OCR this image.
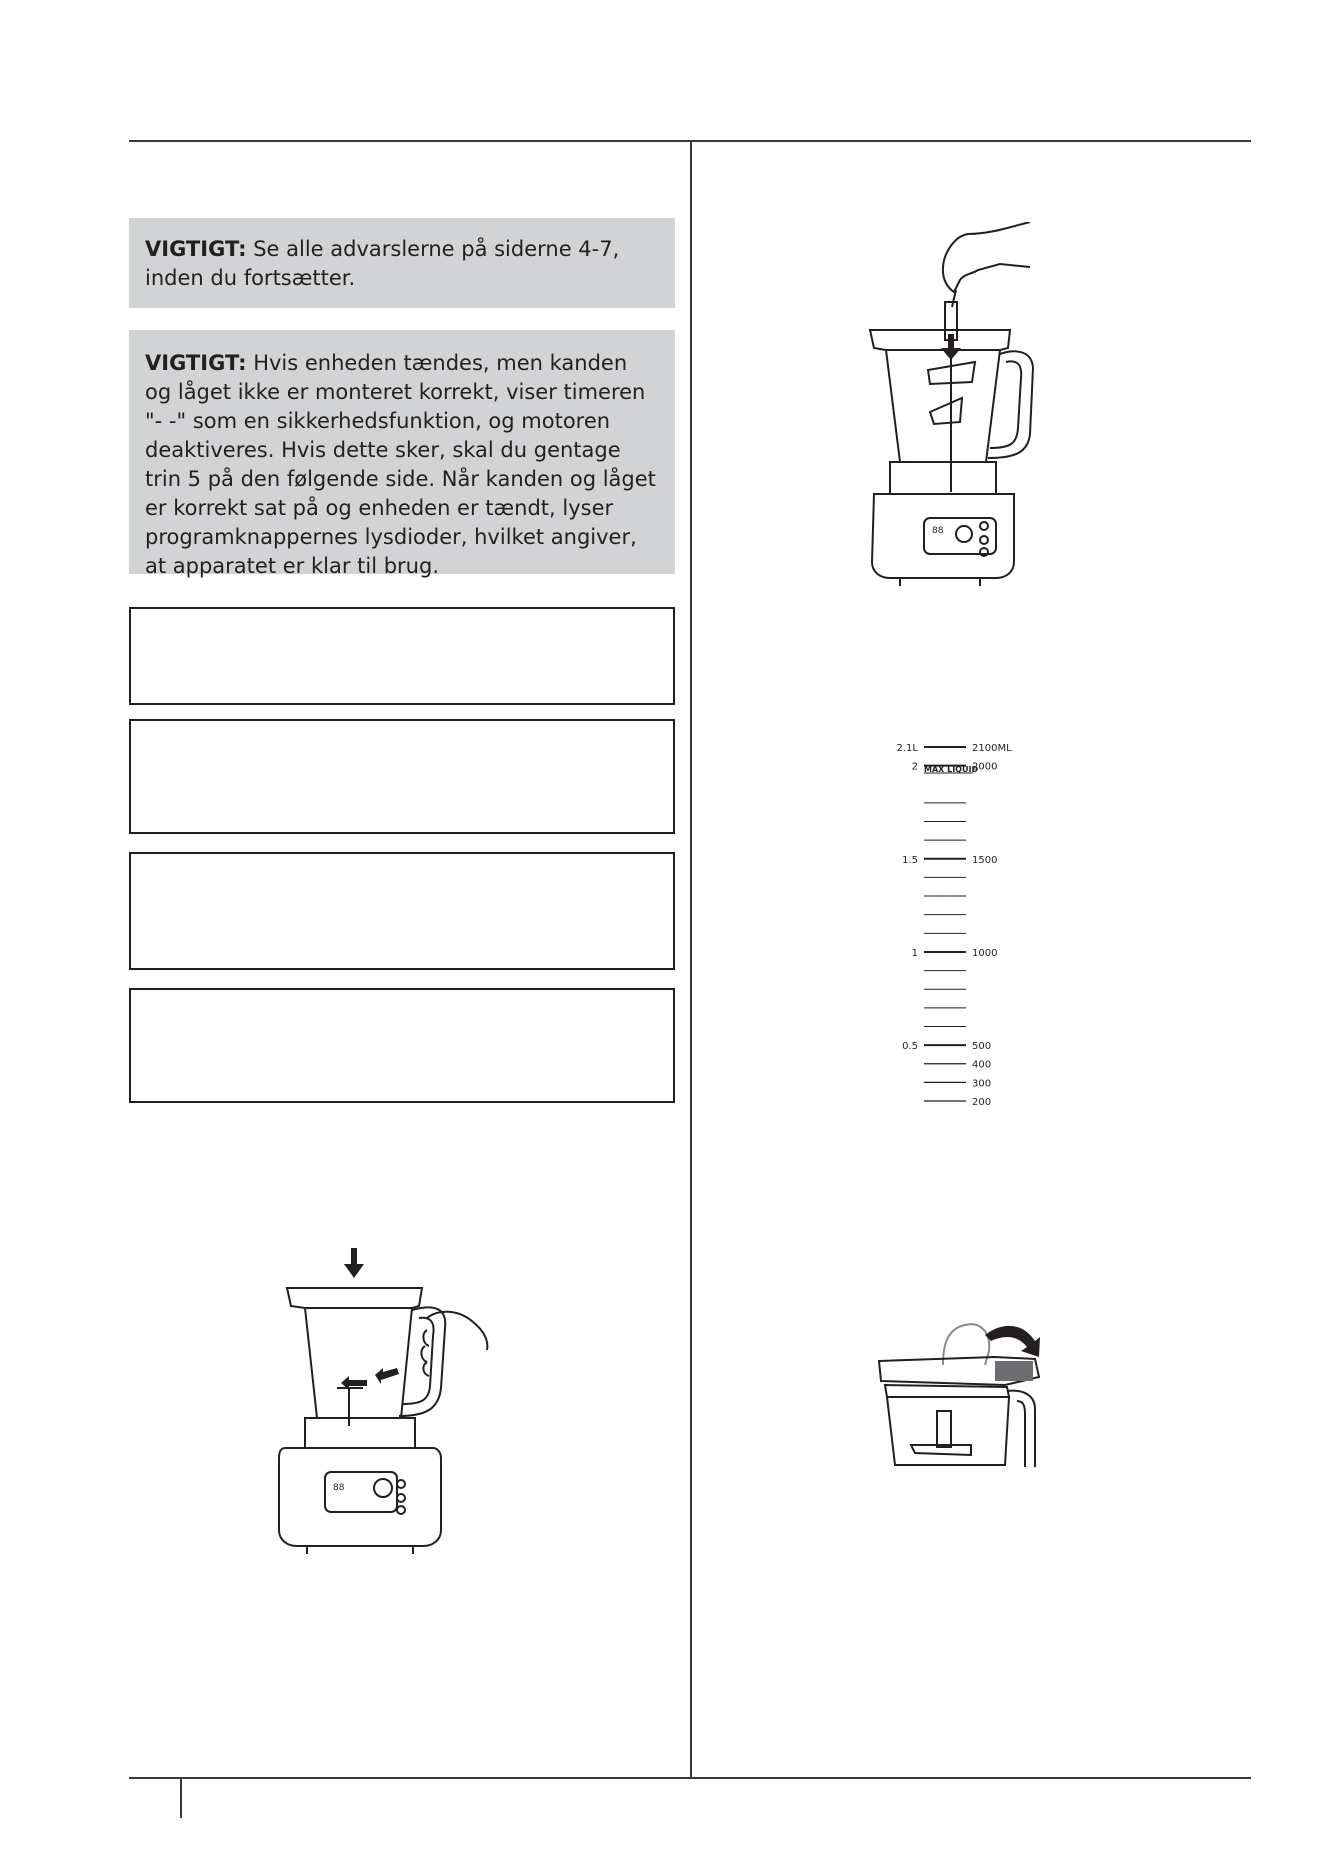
VIGTIGT: Se alle advarslerne på siderne 4-7, inden du fortsætter.
VIGTIGT: Hvis enheden tændes, men kanden og låget ikke er monteret korrekt, viser timeren "- -" som en sikkerhedsfunktion, og motoren deaktiveres. Hvis dette sker, skal du gentage trin 5 på den følgende side. Når kanden og låget er korrekt sat på og enheden er tændt, lyser programknappernes lysdioder, hvilket angiver, at apparatet er klar til brug.
88
MAX LIQUID
2.1L
2
1.5
1
0.5
2100ML
2000
1500
1000
500
400
300
200
88
